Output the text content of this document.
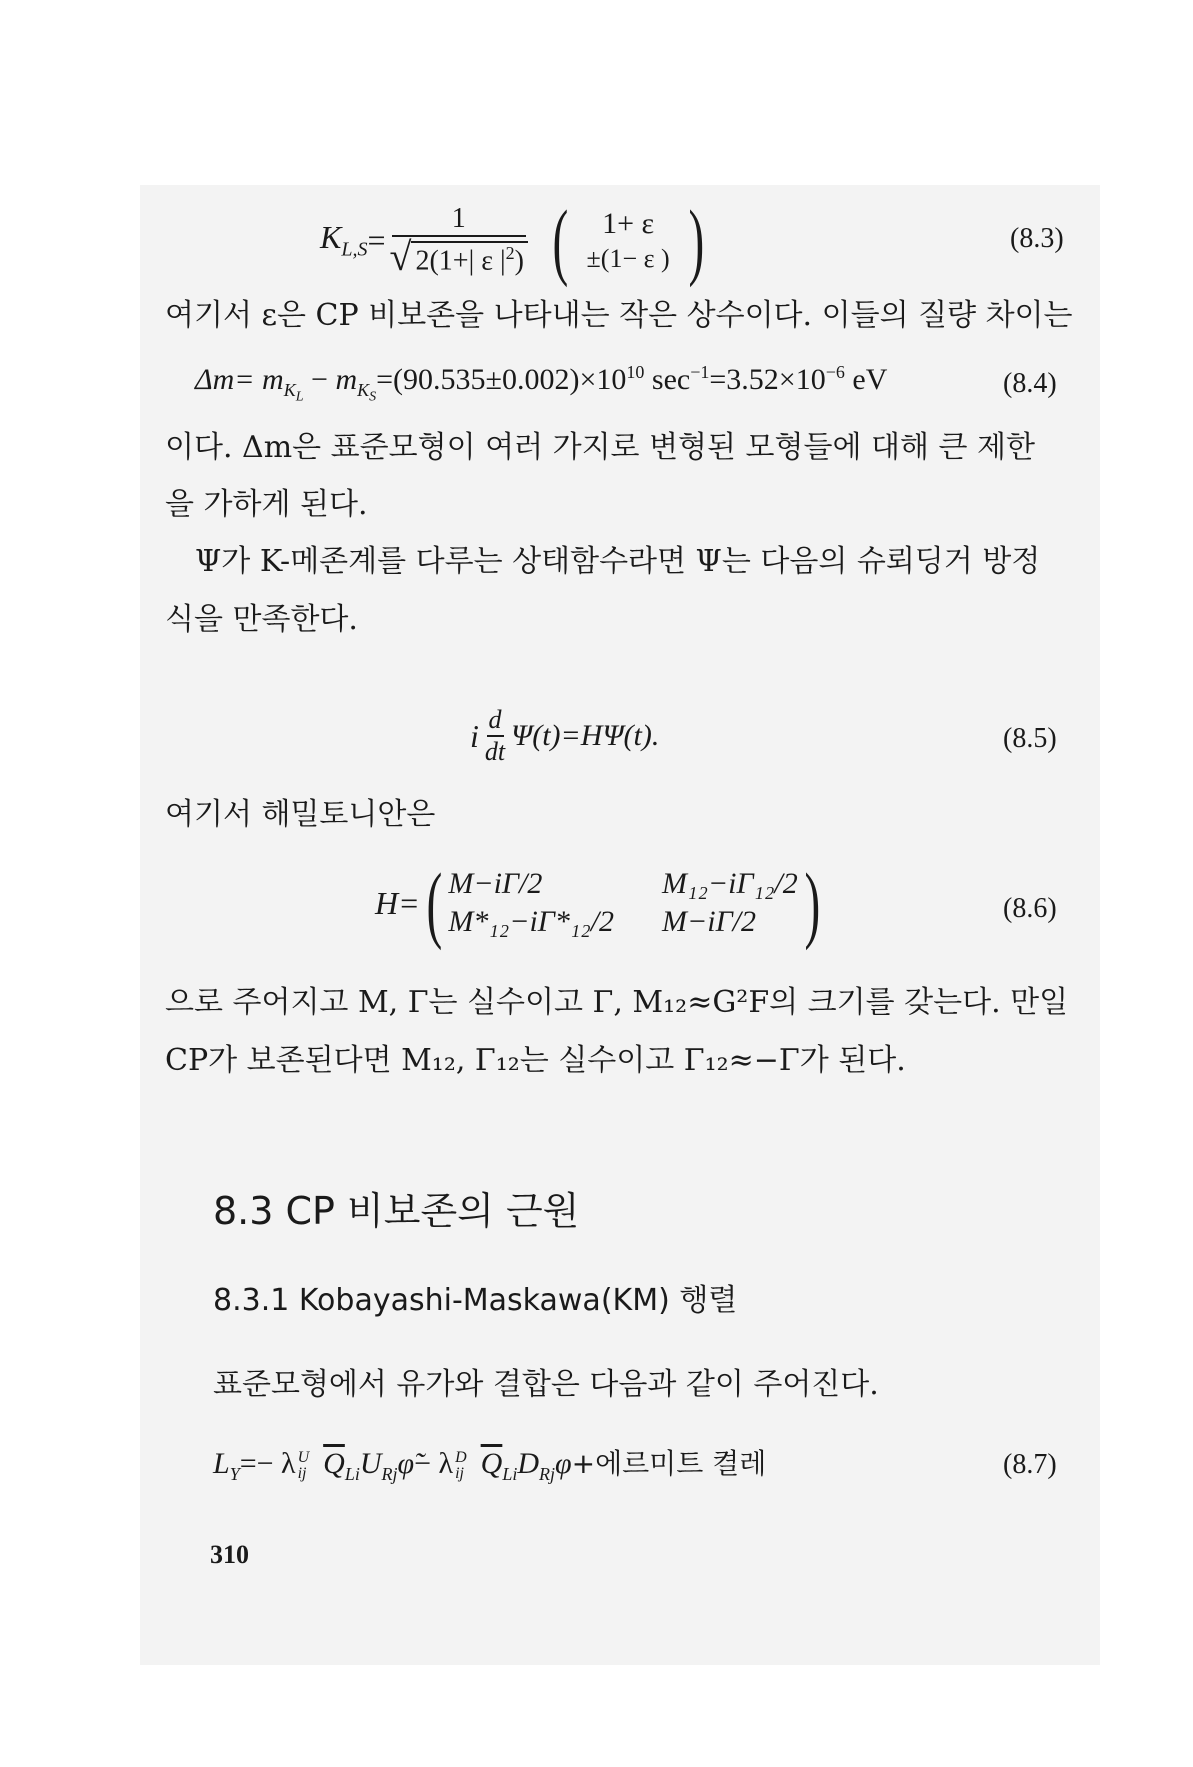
$K_{L,S} = \frac{1}{√ 2(1+| \varepsilon |^2)}$ ( 1+ ε
±(1− ε ) )	(8.3)
여기서 ε은 CP 비보존을 나타내는 작은 상수이다. 이들의 질량 차이는
$\Delta m= m_{K_L} - m_{K_S}=(90.535\pm 0.002)\times 10^{10}$ $\sec^{-1}=3.52\times 10^{-6}$ eV	(8.4)
이다. Δm은 표준모형이 여러 가지로 변형된 모형들에 대해 큰 제한
을 가하게 된다.
Ψ가 K-메존계를 다루는 상태함수라면 Ψ는 다음의 슈뢰딩거 방정
식을 만족한다.
i $\frac{d}{dt} \Psi(t)=H\Psi(t)$.	(8.5)
여기서 해밀토니안은
H= ( M−iΓ/2	M₁₂−iΓ₁₂/2
M*₁₂−iΓ*₁₂/2 M−iΓ/2 )	(8.6)
으로 주어지고 M, Γ는 실수이고 Γ, M₁₂≈G²F의 크기를 갖는다. 만일
CP가 보존된다면 M₁₂, Γ₁₂는 실수이고 Γ₁₂≈−Γ가 된다.
8.3 CP 비보존의 근원
8.3.1 Kobayashi-Maskawa(KM) 행렬
표준모형에서 유가와 결합은 다음과 같이 주어진다.
$L_Y=- \lambda$ U
ij $\overline{Q}_{Li}U_{Rj}\varphĩ- \lambda$ D
ij $\overline{Q}_{Li}D_{Rj}\varphi+$에르미트 켤레	(8.7)
310
